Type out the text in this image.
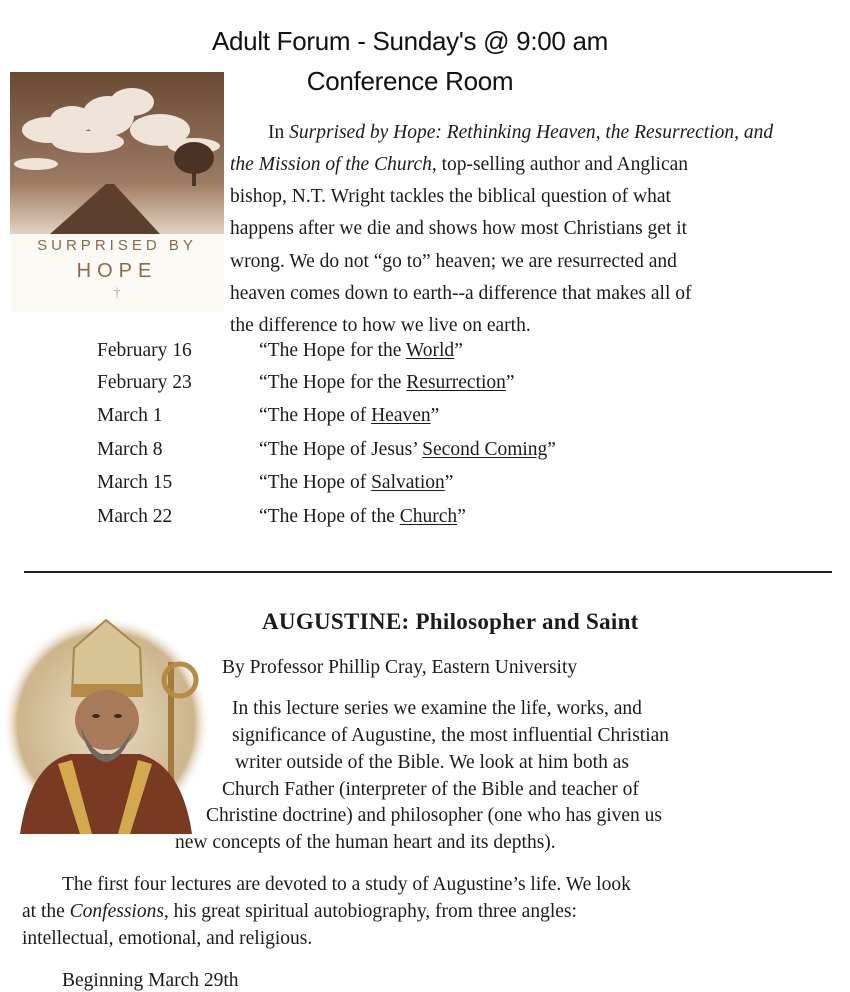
Adult Forum - Sunday's @ 9:00 am
Conference Room
SURPRISED BY
HOPE
†
In Surprised by Hope: Rethinking Heaven, the Resurrection, and
the Mission of the Church, top-selling author and Anglican
bishop, N.T. Wright tackles the biblical question of what
happens after we die and shows how most Christians get it
wrong. We do not “go to” heaven; we are resurrected and
heaven comes down to earth--a difference that makes all of
the difference to how we live on earth.
February 16	“The Hope for the World”
February 23	“The Hope for the Resurrection”
March 1	“The Hope of Heaven”
March 8	“The Hope of Jesus’ Second Coming”
March 15	“The Hope of Salvation”
March 22	“The Hope of the Church”
AUGUSTINE: Philosopher and Saint
By Professor Phillip Cray, Eastern University
In this lecture series we examine the life, works, and
significance of Augustine, the most influential Christian
writer outside of the Bible. We look at him both as
Church Father (interpreter of the Bible and teacher of
Christine doctrine) and philosopher (one who has given us
new concepts of the human heart and its depths).
The first four lectures are devoted to a study of Augustine’s life. We look
at the Confessions, his great spiritual autobiography, from three angles:
intellectual, emotional, and religious.
Beginning March 29th
